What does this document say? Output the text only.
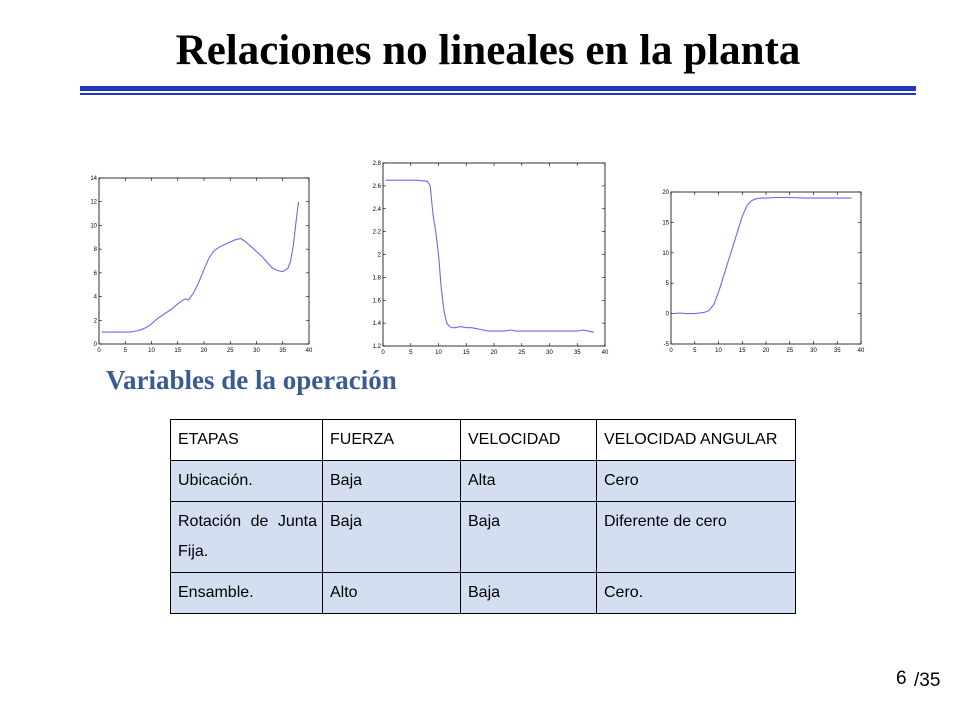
Relaciones no lineales en la planta
0	5	10	15	20	25	30	35	40
0
2
4
6
8
10
12
14
0	5	10	15	20	25	30	35	40
1.2
1.4
1.6
1.8
2
2.2
2.4
2.6
2.8
0	5	10	15	20	25	30	35	40
-5
0
5
10
15
20
Variables de la operación
ETAPAS	FUERZA	VELOCIDAD	VELOCIDAD ANGULAR
Ubicación.	Baja	Alta	Cero
Rotación de Junta Fija.	Baja	Baja	Diferente de cero
Ensamble.	Alto	Baja	Cero.
6 /35
